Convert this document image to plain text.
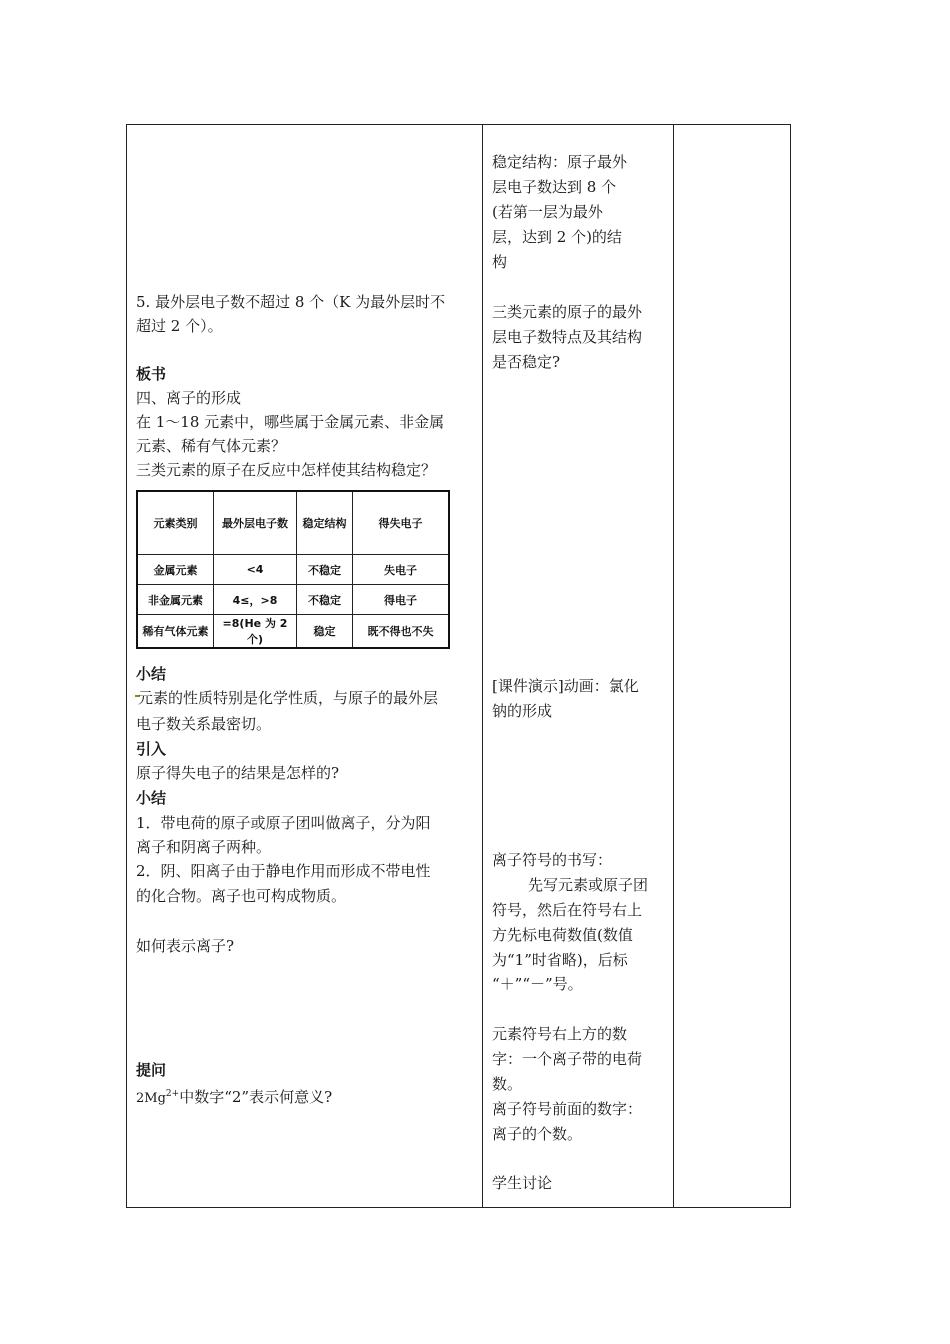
5. 最外层电子数不超过 8 个（K 为最外层时不
超过 2 个）。
板书
四、离子的形成
在 1～18 元素中，哪些属于金属元素、非金属
元素、稀有气体元素？
三类元素的原子在反应中怎样使其结构稳定？
元素类别	最外层电子数	稳定结构	得失电子
金属元素	<4	不稳定	失电子
非金属元素	4≤，>8	不稳定	得电子
稀有气体元素	=8(He 为 2 个)	稳定	既不得也不失
小结
元素的性质特别是化学性质，与原子的最外层
电子数关系最密切。
引入
原子得失电子的结果是怎样的?
小结
1．带电荷的原子或原子团叫做离子，分为阳
离子和阴离子两种。
2．阴、阳离子由于静电作用而形成不带电性
的化合物。离子也可构成物质。
如何表示离子?
提问
$2Mg^{2+}$中数字“2”表示何意义?
稳定结构：原子最外
层电子数达到 8 个
(若第一层为最外
层，达到 2 个)的结
构
三类元素的原子的最外
层电子数特点及其结构
是否稳定?
[课件演示]动画：氯化
钠的形成
离子符号的书写：
先写元素或原子团
符号，然后在符号右上
方先标电荷数值(数值
为“1”时省略)，后标
“＋”“－”号。
元素符号右上方的数
字：一个离子带的电荷
数。
离子符号前面的数字：
离子的个数。
学生讨论
